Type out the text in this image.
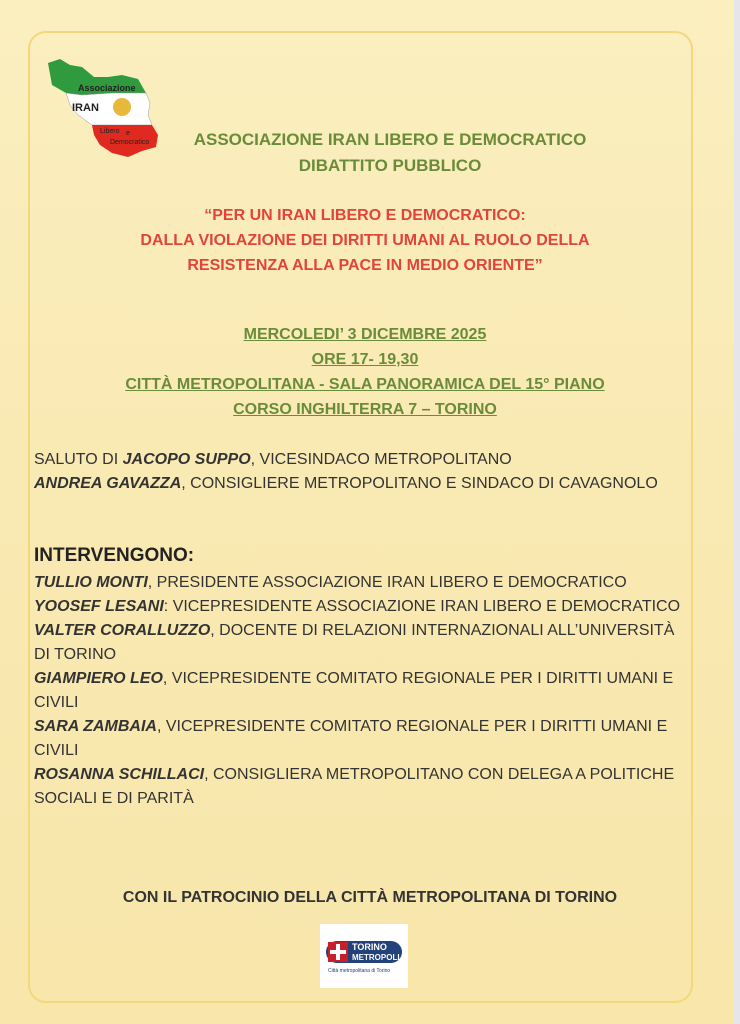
Associazione
IRAN
Libero e
Democratico	ASSOCIAZIONE IRAN LIBERO E DEMOCRATICO
DIBATTITO PUBBLICO
“PER UN IRAN LIBERO E DEMOCRATICO:
DALLA VIOLAZIONE DEI DIRITTI UMANI AL RUOLO DELLA
RESISTENZA ALLA PACE IN MEDIO ORIENTE”
MERCOLEDI’ 3 DICEMBRE 2025
ORE 17- 19,30
CITTÀ METROPOLITANA - SALA PANORAMICA DEL 15° PIANO
CORSO INGHILTERRA 7 – TORINO
SALUTO DI JACOPO SUPPO, VICESINDACO METROPOLITANO
ANDREA GAVAZZA, CONSIGLIERE METROPOLITANO E SINDACO DI CAVAGNOLO
INTERVENGONO:
TULLIO MONTI, PRESIDENTE ASSOCIAZIONE IRAN LIBERO E DEMOCRATICO
YOOSEF LESANI: VICEPRESIDENTE ASSOCIAZIONE IRAN LIBERO E DEMOCRATICO
VALTER CORALLUZZO, DOCENTE DI RELAZIONI INTERNAZIONALI ALL’UNIVERSITÀ DI TORINO
GIAMPIERO LEO, VICEPRESIDENTE COMITATO REGIONALE PER I DIRITTI UMANI E CIVILI
SARA ZAMBAIA, VICEPRESIDENTE COMITATO REGIONALE PER I DIRITTI UMANI E CIVILI
ROSANNA SCHILLACI, CONSIGLIERA METROPOLITANO CON DELEGA A POLITICHE SOCIALI E DI PARITÀ
CON IL PATROCINIO DELLA CITTÀ METROPOLITANA DI TORINO
TORINO
METROPOLI
Città metropolitana di Torino
